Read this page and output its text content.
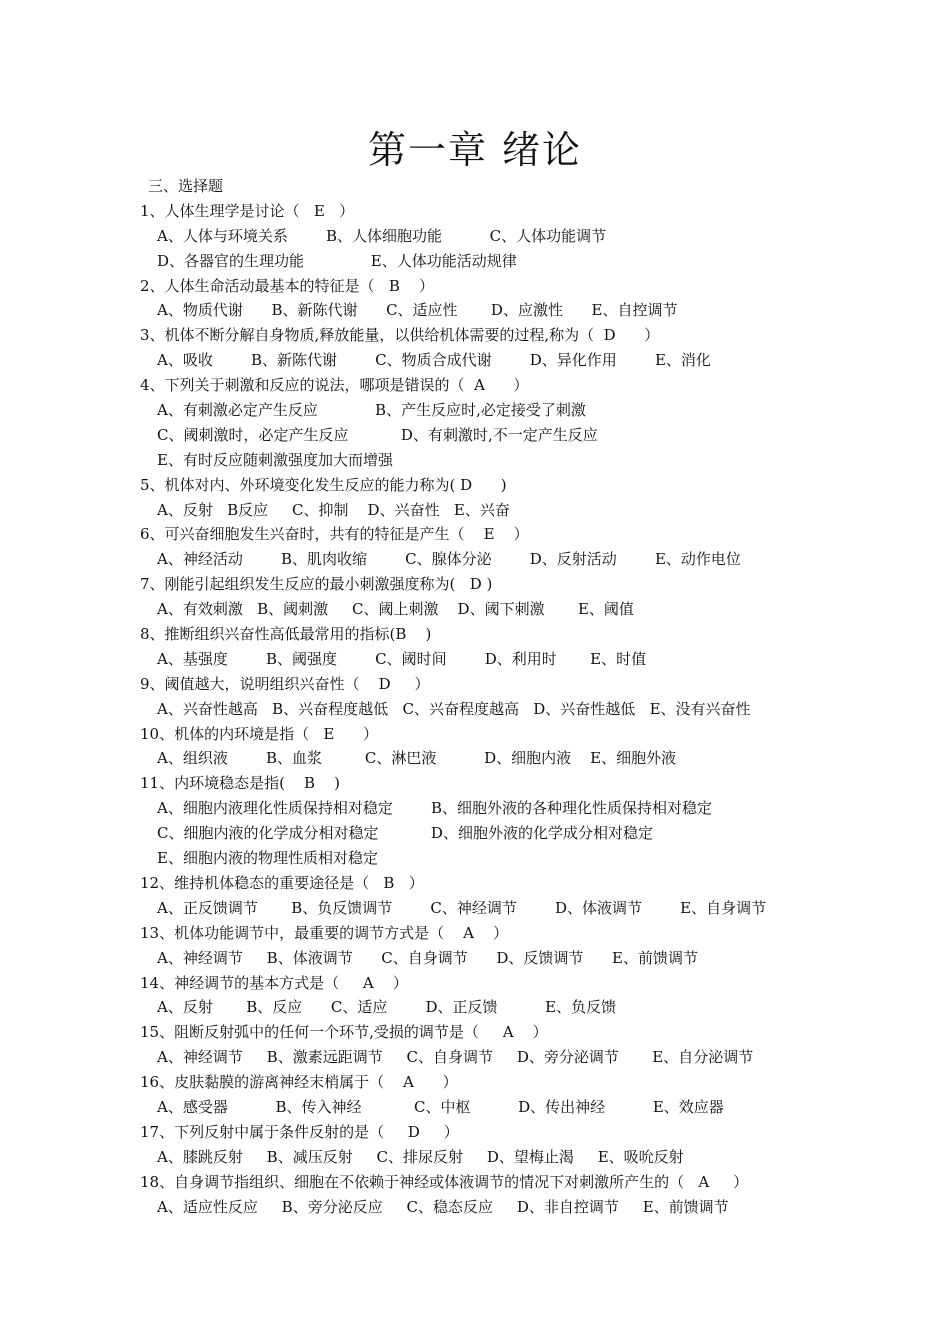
第一章 绪论
三、选择题
1、人体生理学是讨论（   E   ）
A、人体与环境关系        B、人体细胞功能          C、人体功能调节
D、各器官的生理功能              E、人体功能活动规律
2、人体生命活动最基本的特征是（   B    ）
A、物质代谢      B、新陈代谢      C、适应性       D、应激性      E、自控调节
3、机体不断分解自身物质,释放能量，以供给机体需要的过程,称为（  D      ）
A、吸收        B、新陈代谢        C、物质合成代谢        D、异化作用        E、消化
4、下列关于刺激和反应的说法，哪项是错误的（  A      ）
A、有刺激必定产生反应            B、产生反应时,必定接受了刺激
C、阈刺激时，必定产生反应           D、有刺激时,不一定产生反应
E、有时反应随刺激强度加大而增强
5、机体对内、外环境变化发生反应的能力称为( D      )
A、反射   B反应     C、抑制    D、兴奋性   E、兴奋
6、可兴奋细胞发生兴奋时，共有的特征是产生（    E    ）
A、神经活动        B、肌肉收缩        C、腺体分泌        D、反射活动        E、动作电位
7、刚能引起组织发生反应的最小刺激强度称为(   D )
A、有效刺激   B、阈刺激     C、阈上刺激    D、阈下刺激       E、阈值
8、推断组织兴奋性高低最常用的指标(B    )
A、基强度        B、阈强度        C、阈时间        D、利用时       E、时值
9、阈值越大，说明组织兴奋性（    D     ）
A、兴奋性越高   B、兴奋程度越低   C、兴奋程度越高   D、兴奋性越低   E、没有兴奋性
10、机体的内环境是指（   E      ）
A、组织液        B、血浆         C、淋巴液          D、细胞内液    E、细胞外液
11、内环境稳态是指(    B    )
A、细胞内液理化性质保持相对稳定        B、细胞外液的各种理化性质保持相对稳定
C、细胞内液的化学成分相对稳定           D、细胞外液的化学成分相对稳定
E、细胞内液的物理性质相对稳定
12、维持机体稳态的重要途径是（   B   ）
A、正反馈调节       B、负反馈调节        C、神经调节        D、体液调节        E、自身调节
13、机体功能调节中，最重要的调节方式是（    A    ）
A、神经调节     B、体液调节      C、自身调节      D、反馈调节      E、前馈调节
14、神经调节的基本方式是（     A    ）
A、反射       B、反应      C、适应        D、正反馈          E、负反馈
15、阻断反射弧中的任何一个环节,受损的调节是（     A    ）
A、神经调节     B、激素远距调节     C、自身调节     D、旁分泌调节       E、自分泌调节
16、皮肤黏膜的游离神经末梢属于（    A      ）
A、感受器          B、传入神经           C、中枢          D、传出神经          E、效应器
17、下列反射中属于条件反射的是（     D     ）
A、膝跳反射     B、减压反射     C、排尿反射     D、望梅止渴     E、吸吮反射
18、自身调节指组织、细胞在不依赖于神经或体液调节的情况下对刺激所产生的（   A     ）
A、适应性反应     B、旁分泌反应     C、稳态反应     D、非自控调节     E、前馈调节
